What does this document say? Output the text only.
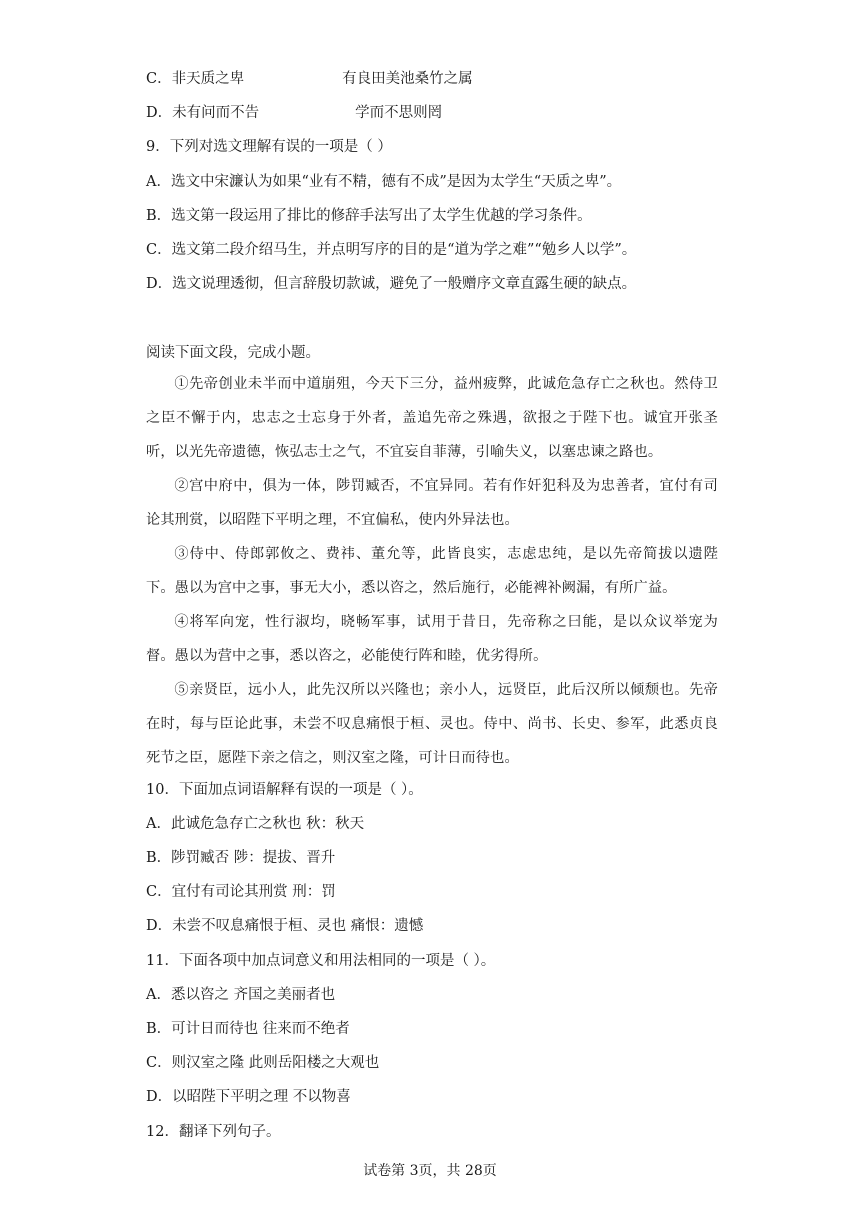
C．非天质之卑	有良田美池桑竹之属
D．未有问而不告	学而不思则罔
9．下列对选文理解有误的一项是（ ）
A．选文中宋濂认为如果“业有不精，德有不成”是因为太学生“天质之卑”。
B．选文第一段运用了排比的修辞手法写出了太学生优越的学习条件。
C．选文第二段介绍马生，并点明写序的目的是“道为学之难”“勉乡人以学”。
D．选文说理透彻，但言辞殷切款诚，避免了一般赠序文章直露生硬的缺点。
阅读下面文段，完成小题。
①先帝创业未半而中道崩殂，今天下三分，益州疲弊，此诚危急存亡之秋也。然侍卫之臣不懈于内，忠志之士忘身于外者，盖追先帝之殊遇，欲报之于陛下也。诚宜开张圣听，以光先帝遗德，恢弘志士之气，不宜妄自菲薄，引喻失义，以塞忠谏之路也。
②宫中府中，俱为一体，陟罚臧否，不宜异同。若有作奸犯科及为忠善者，宜付有司论其刑赏，以昭陛下平明之理，不宜偏私，使内外异法也。
③侍中、侍郎郭攸之、费祎、董允等，此皆良实，志虑忠纯，是以先帝简拔以遗陛下。愚以为宫中之事，事无大小，悉以咨之，然后施行，必能裨补阙漏，有所广益。
④将军向宠，性行淑均，晓畅军事，试用于昔日，先帝称之曰能，是以众议举宠为督。愚以为营中之事，悉以咨之，必能使行阵和睦，优劣得所。
⑤亲贤臣，远小人，此先汉所以兴隆也；亲小人，远贤臣，此后汉所以倾颓也。先帝在时，每与臣论此事，未尝不叹息痛恨于桓、灵也。侍中、尚书、长史、参军，此悉贞良死节之臣，愿陛下亲之信之，则汉室之隆，可计日而待也。
10．下面加点词语解释有误的一项是（ ）。
A．此诚危急存亡之秋也 秋：秋天
B．陟罚臧否 陟：提拔、晋升
C．宜付有司论其刑赏 刑：罚
D．未尝不叹息痛恨于桓、灵也 痛恨：遗憾
11．下面各项中加点词意义和用法相同的一项是（ ）。
A．悉以咨之 齐国之美丽者也
B．可计日而待也 往来而不绝者
C．则汉室之隆 此则岳阳楼之大观也
D．以昭陛下平明之理 不以物喜
12．翻译下列句子。
试卷第 3页，共 28页
